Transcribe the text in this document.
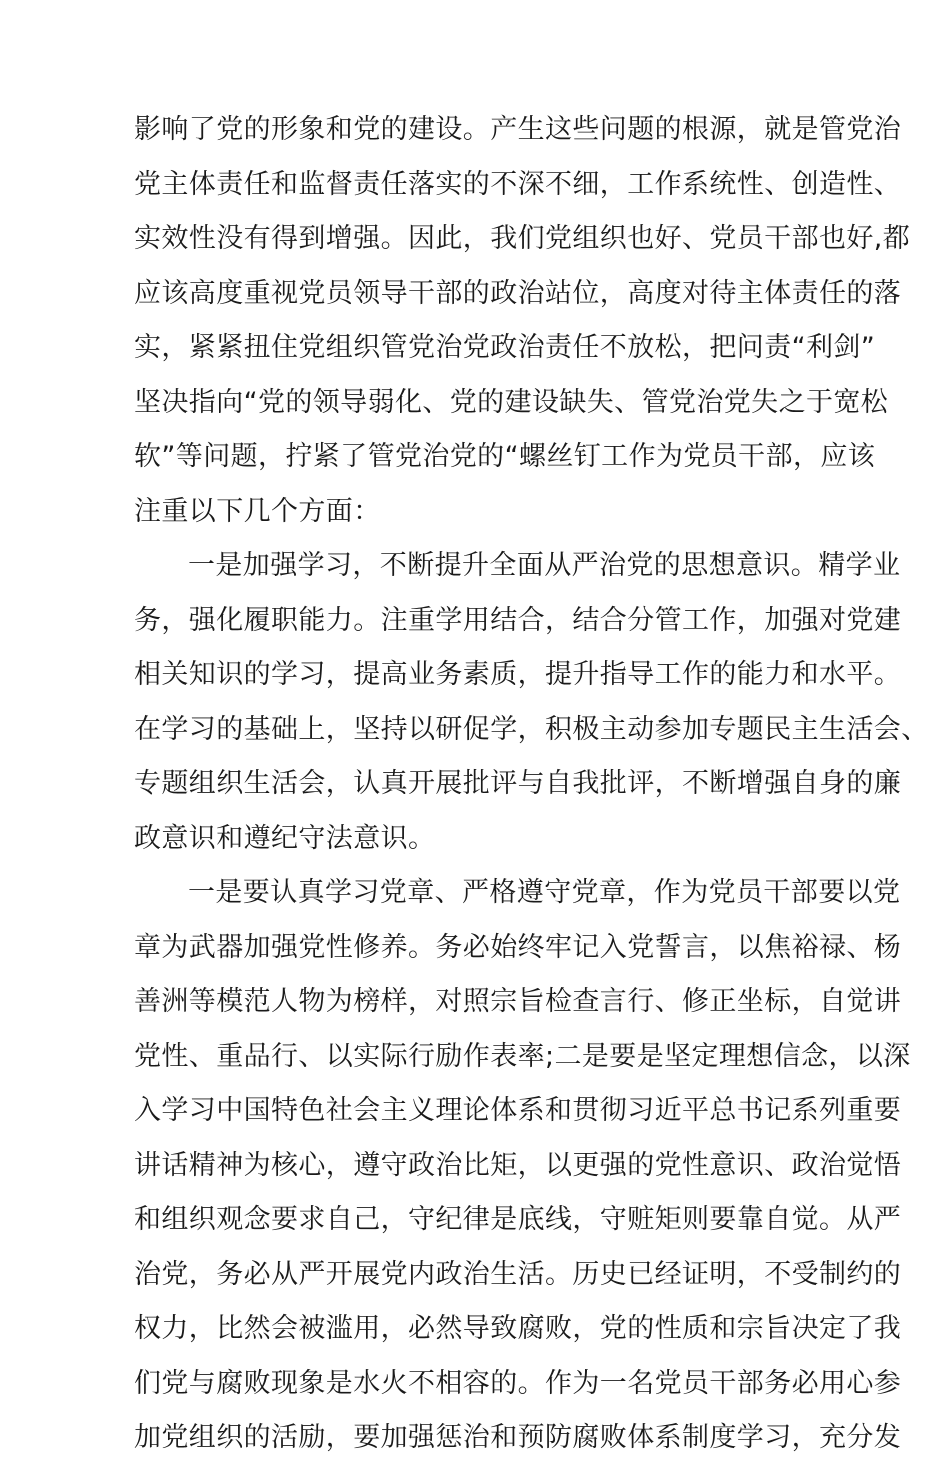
影响了党的形象和党的建设。产生这些问题的根源，就是管党治
党主体责任和监督责任落实的不深不细，工作系统性、创造性、
实效性没有得到增强。因此，我们党组织也好、党员干部也好,都
应该高度重视党员领导干部的政治站位，高度对待主体责任的落
实，紧紧扭住党组织管党治党政治责任不放松，把问责“利剑”
坚决指向“党的领导弱化、党的建设缺失、管党治党失之于宽松
软”等问题，拧紧了管党治党的“螺丝钉工作为党员干部，应该
注重以下几个方面：
一是加强学习，不断提升全面从严治党的思想意识。精学业
务，强化履职能力。注重学用结合，结合分管工作，加强对党建
相关知识的学习，提高业务素质，提升指导工作的能力和水平。
在学习的基础上，坚持以研促学，积极主动参加专题民主生活会、
专题组织生活会，认真开展批评与自我批评，不断增强自身的廉
政意识和遵纪守法意识。
一是要认真学习党章、严格遵守党章，作为党员干部要以党
章为武器加强党性修养。务必始终牢记入党誓言，以焦裕禄、杨
善洲等模范人物为榜样，对照宗旨检查言行、修正坐标，自觉讲
党性、重品行、以实际行励作表率;二是要是坚定理想信念，以深
入学习中国特色社会主义理论体系和贯彻习近平总书记系列重要
讲话精神为核心，遵守政治比矩，以更强的党性意识、政治觉悟
和组织观念要求自己，守纪律是底线，守赃矩则要靠自觉。从严
治党，务必从严开展党内政治生活。历史已经证明，不受制约的
权力，比然会被滥用，必然导致腐败，党的性质和宗旨决定了我
们党与腐败现象是水火不相容的。作为一名党员干部务必用心参
加党组织的活励，要加强惩治和预防腐败体系制度学习，充分发
